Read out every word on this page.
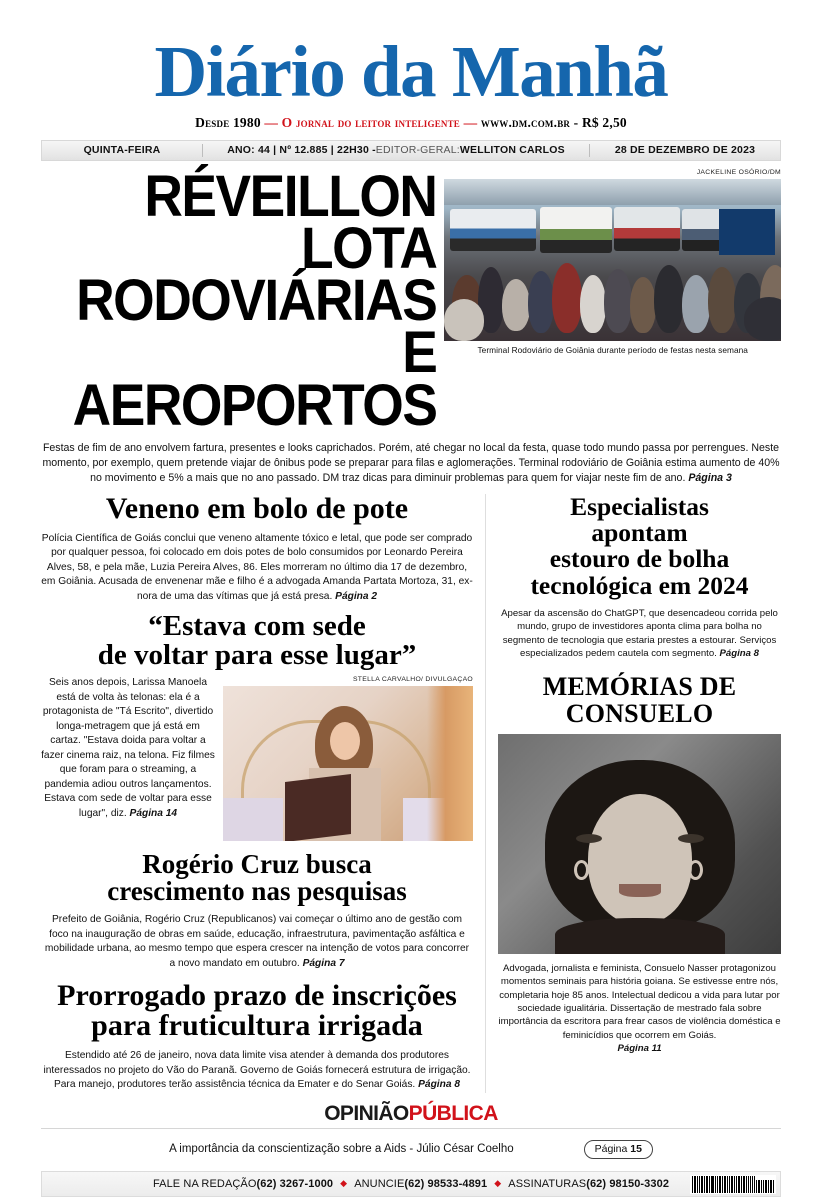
Diário da Manhã
Desde 1980 — O jornal do leitor inteligente — www.dm.com.br - R$ 2,50
QUINTA-FEIRA	ANO: 44 | Nº 12.885 | 22H30 - EDITOR-GERAL: WELLITON CARLOS	28 DE DEZEMBRO DE 2023
RÉVEILLON LOTA
RODOVIÁRIAS
E AEROPORTOS
JACKELINE OSÓRIO/DM
Terminal Rodoviário de Goiânia durante período de festas nesta semana
Festas de fim de ano envolvem fartura, presentes e looks caprichados. Porém, até chegar no local da festa, quase todo mundo passa por perrengues. Neste momento, por exemplo, quem pretende viajar de ônibus pode se preparar para filas e aglomerações. Terminal rodoviário de Goiânia estima aumento de 40% no movimento e 5% a mais que no ano passado. DM traz dicas para diminuir problemas para quem for viajar neste fim de ano. Página 3
Veneno em bolo de pote
Polícia Científica de Goiás conclui que veneno altamente tóxico e letal, que pode ser comprado por qualquer pessoa, foi colocado em dois potes de bolo consumidos por Leonardo Pereira Alves, 58, e pela mãe, Luzia Pereira Alves, 86. Eles morreram no último dia 17 de dezembro, em Goiânia. Acusada de envenenar mãe e filho é a advogada Amanda Partata Mortoza, 31, ex-nora de uma das vítimas que já está presa. Página 2
“Estava com sede
de voltar para esse lugar”
STELLA CARVALHO/ DIVULGAÇÃO
Seis anos depois, Larissa Manoela está de volta às telonas: ela é a protagonista de "Tá Escrito", divertido longa-metragem que já está em cartaz. "Estava doida para voltar a fazer cinema raiz, na telona. Fiz filmes que foram para o streaming, a pandemia adiou outros lançamentos. Estava com sede de voltar para esse lugar", diz. Página 14
Rogério Cruz busca
crescimento nas pesquisas
Prefeito de Goiânia, Rogério Cruz (Republicanos) vai começar o último ano de gestão com foco na inauguração de obras em saúde, educação, infraestrutura, pavimentação asfáltica e mobilidade urbana, ao mesmo tempo que espera crescer na intenção de votos para concorrer a novo mandato em outubro. Página 7
Prorrogado prazo de inscrições
para fruticultura irrigada
Estendido até 26 de janeiro, nova data limite visa atender à demanda dos produtores interessados no projeto do Vão do Paranã. Governo de Goiás fornecerá estrutura de irrigação. Para manejo, produtores terão assistência técnica da Emater e do Senar Goiás. Página 8
Especialistas
apontam
estouro de bolha
tecnológica em 2024
Apesar da ascensão do ChatGPT, que desencadeou corrida pelo mundo, grupo de investidores aponta clima para bolha no segmento de tecnologia que estaria prestes a estourar. Serviços especializados pedem cautela com segmento. Página 8
MEMÓRIAS DE
CONSUELO
Advogada, jornalista e feminista, Consuelo Nasser protagonizou momentos seminais para história goiana. Se estivesse entre nós, completaria hoje 85 anos. Intelectual dedicou a vida para lutar por sociedade igualitária. Dissertação de mestrado fala sobre importância da escritora para frear casos de violência doméstica e feminicídios que ocorrem em Goiás.
Página 11
OPINIÃOPÚBLICA
A importância da conscientização sobre a Aids - Júlio César Coelho	Página 15
FALE NA REDAÇÃO (62) 3267-1000 ◆ ANUNCIE (62) 98533-4891 ◆ ASSINATURAS (62) 98150-3302
